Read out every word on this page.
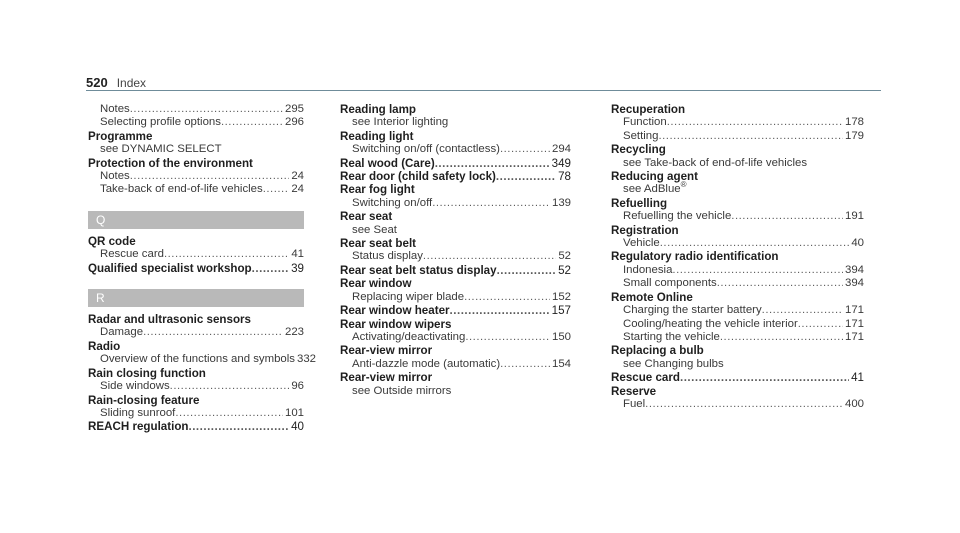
520 Index
Notes .....	295
Selecting profile options .....	296
Programme
see DYNAMIC SELECT
Protection of the environment
Notes .....	24
Take-back of end-of-life vehicles .....	24
Q
QR code
Rescue card .....	41
Qualified specialist workshop .....	39
R
Radar and ultrasonic sensors
Damage .....	223
Radio
Overview of the functions and symbols 332
Rain closing function
Side windows .....	96
Rain-closing feature
Sliding sunroof .....	101
REACH regulation .....	40
Reading lamp
see Interior lighting
Reading light
Switching on/off (contactless) .....	294
Real wood (Care) .....	349
Rear door (child safety lock) .....	78
Rear fog light
Switching on/off .....	139
Rear seat
see Seat
Rear seat belt
Status display .....	52
Rear seat belt status display .....	52
Rear window
Replacing wiper blade .....	152
Rear window heater .....	157
Rear window wipers
Activating/deactivating .....	150
Rear-view mirror
Anti-dazzle mode (automatic) .....	154
Rear-view mirror
see Outside mirrors
Recuperation
Function .....	178
Setting .....	179
Recycling
see Take-back of end-of-life vehicles
Reducing agent
see AdBlue®
Refuelling
Refuelling the vehicle .....	191
Registration
Vehicle .....	40
Regulatory radio identification
Indonesia .....	394
Small components .....	394
Remote Online
Charging the starter battery .....	171
Cooling/heating the vehicle interior .....	171
Starting the vehicle .....	171
Replacing a bulb
see Changing bulbs
Rescue card .....	41
Reserve
Fuel .....	400
